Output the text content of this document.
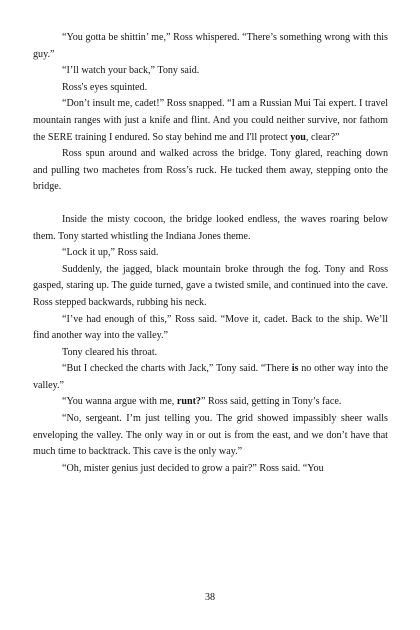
“You gotta be shittin’ me,” Ross whispered. “There’s something wrong with this guy.”

“I’ll watch your back,” Tony said.

Ross's eyes squinted.

“Don’t insult me, cadet!” Ross snapped. “I am a Russian Mui Tai expert. I travel mountain ranges with just a knife and flint. And you could neither survive, nor fathom the SERE training I endured. So stay behind me and I'll protect you, clear?”

Ross spun around and walked across the bridge. Tony glared, reaching down and pulling two machetes from Ross’s ruck. He tucked them away, stepping onto the bridge.

Inside the misty cocoon, the bridge looked endless, the waves roaring below them. Tony started whistling the Indiana Jones theme.

“Lock it up,” Ross said.

Suddenly, the jagged, black mountain broke through the fog. Tony and Ross gasped, staring up. The guide turned, gave a twisted smile, and continued into the cave. Ross stepped backwards, rubbing his neck.

“I’ve had enough of this,” Ross said. “Move it, cadet. Back to the ship. We’ll find another way into the valley.”

Tony cleared his throat.

“But I checked the charts with Jack,” Tony said. “There is no other way into the valley.”

“You wanna argue with me, runt?” Ross said, getting in Tony’s face.

“No, sergeant. I’m just telling you. The grid showed impassibly sheer walls enveloping the valley. The only way in or out is from the east, and we don’t have that much time to backtrack. This cave is the only way.”

“Oh, mister genius just decided to grow a pair?” Ross said. “You

38
